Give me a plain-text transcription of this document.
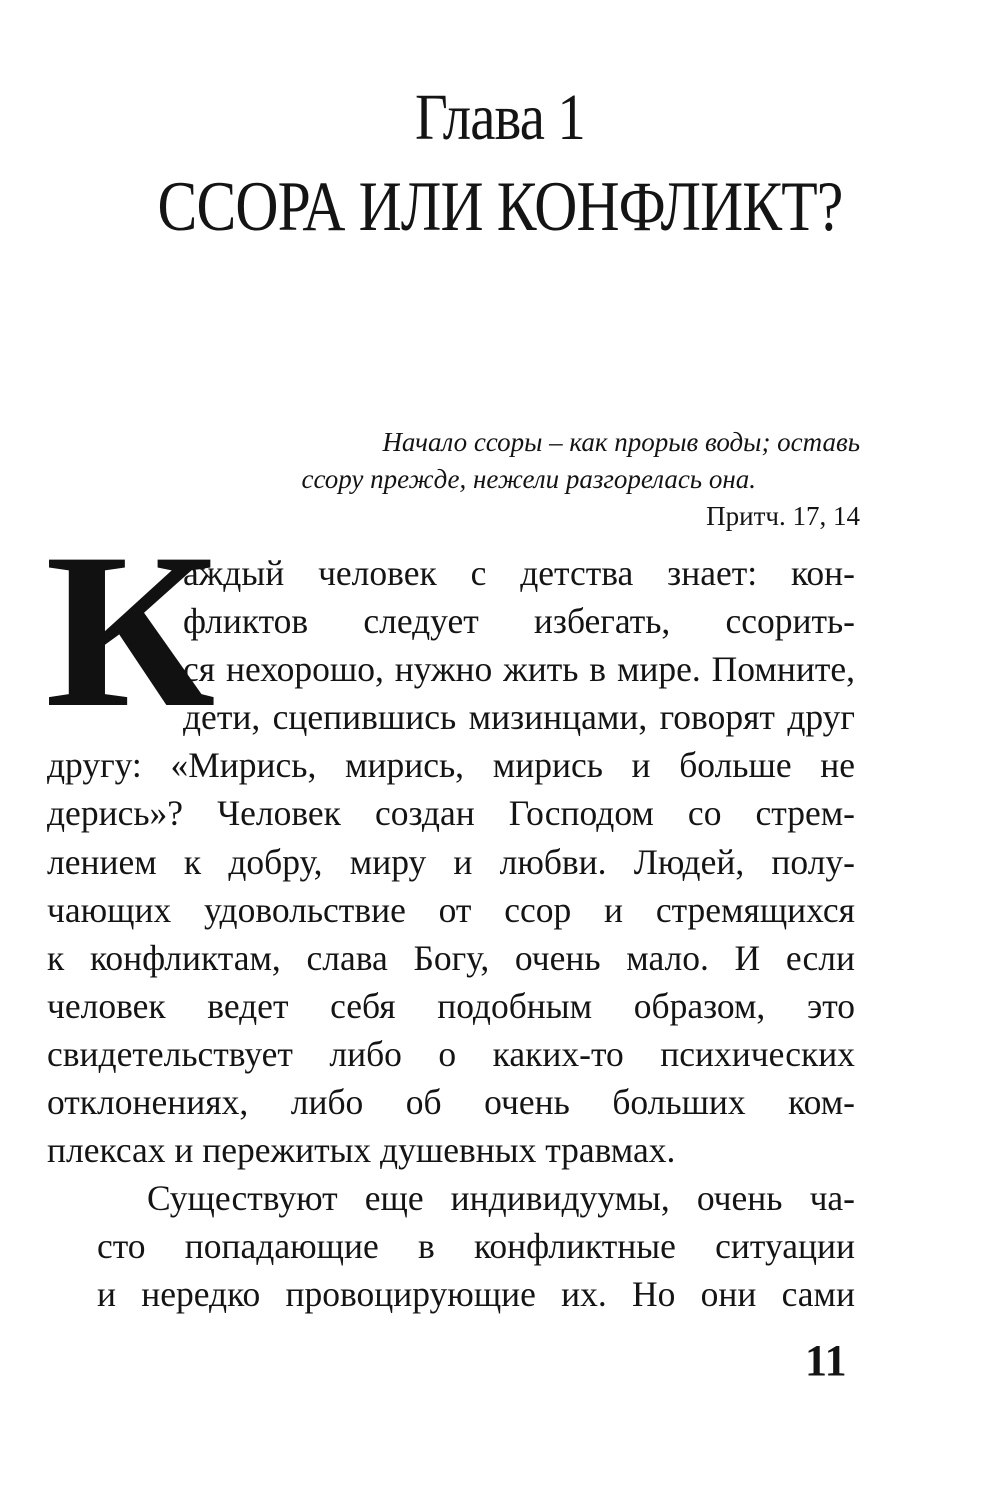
Глава 1
ССОРА ИЛИ КОНФЛИКТ?

Начало ссоры – как прорыв воды; оставь
ссору прежде, нежели разгорелась она.

Притч. 17, 14

К

аждый человек с детства знает: кон-
фликтов следует избегать, ссорить-
ся нехорошо, нужно жить в мире. Помните,
дети, сцепившись мизинцами, говорят друг
другу: «Мирись, мирись, мирись и больше не
дерись»? Человек создан Господом со стрем-
лением к добру, миру и любви. Людей, полу-
чающих удовольствие от ссор и стремящихся
к конфликтам, слава Богу, очень мало. И если
человек ведет себя подобным образом, это
свидетельствует либо о каких-то психических
отклонениях, либо об очень больших ком-
плексах и пережитых душевных травмах.

Существуют еще индивидуумы, очень ча-
сто попадающие в конфликтные ситуации
и нередко провоцирующие их. Но они сами

11
